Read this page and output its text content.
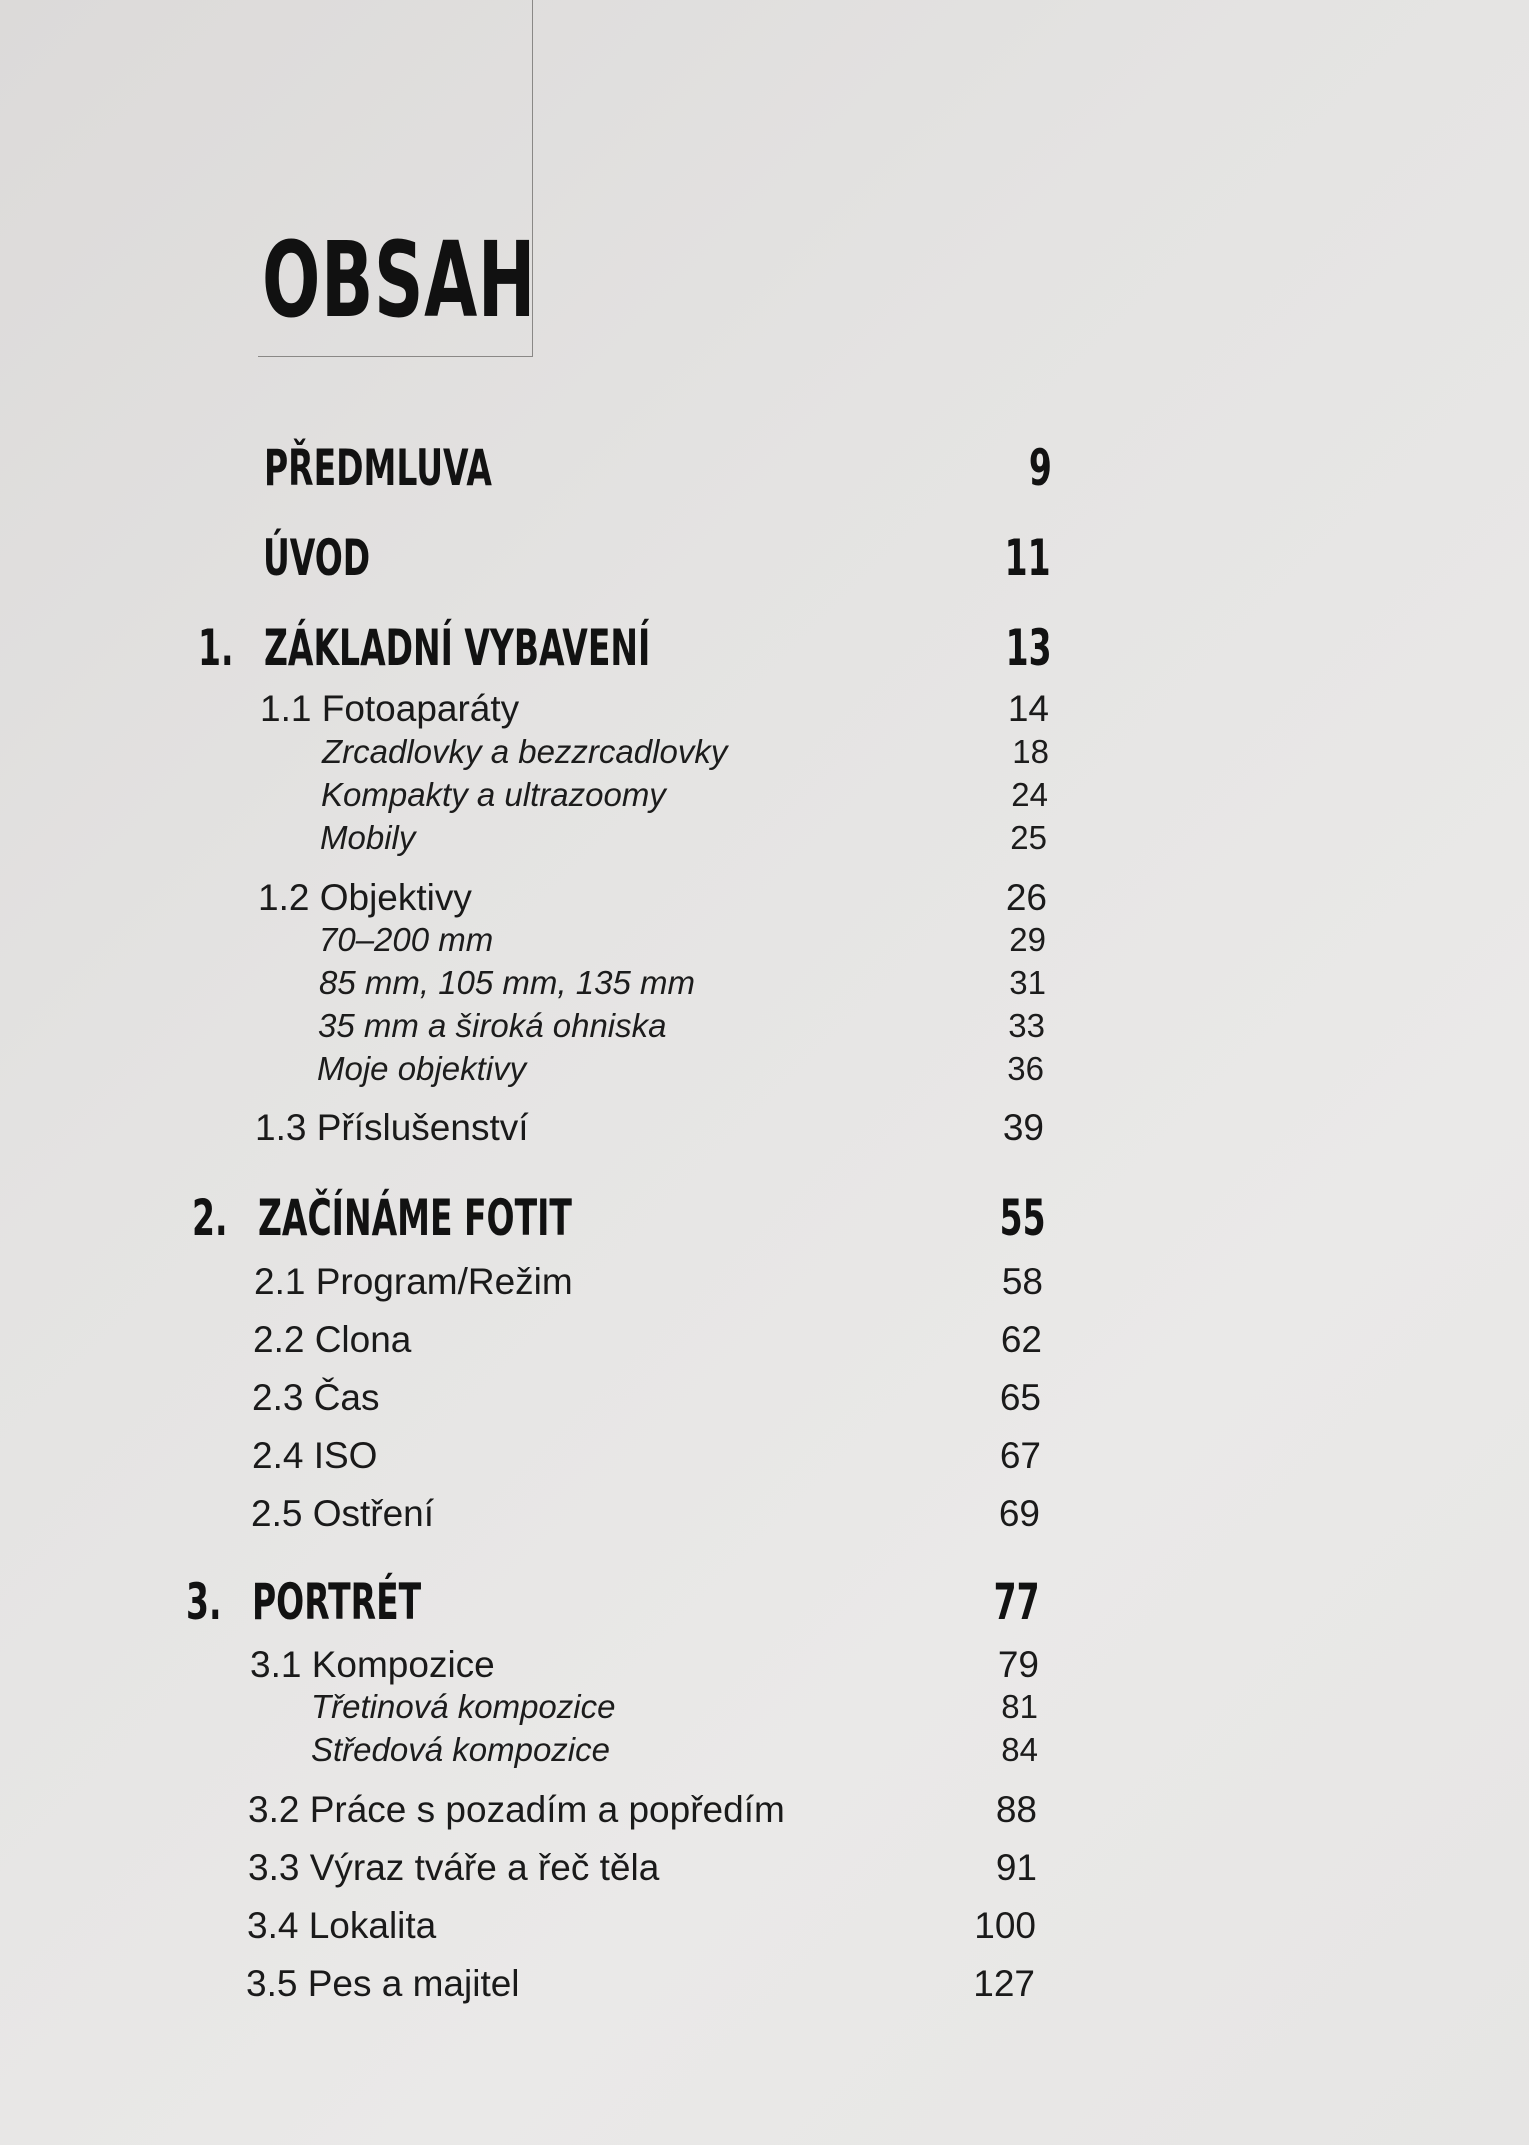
OBSAH
PŘEDMLUVA	9
ÚVOD	11
1. ZÁKLADNÍ VYBAVENÍ	13
1.1 Fotoaparáty	14
Zrcadlovky a bezzrcadlovky	18
Kompakty a ultrazoomy	24
Mobily	25
1.2 Objektivy	26
70–200 mm	29
85 mm, 105 mm, 135 mm	31
35 mm a široká ohniska	33
Moje objektivy	36
1.3 Příslušenství	39
2. ZAČÍNÁME FOTIT	55
2.1 Program/Režim	58
2.2 Clona	62
2.3 Čas	65
2.4 ISO	67
2.5 Ostření	69
3. PORTRÉT	77
3.1 Kompozice	79
Třetinová kompozice	81
Středová kompozice	84
3.2 Práce s pozadím a popředím	88
3.3 Výraz tváře a řeč těla	91
3.4 Lokalita	100
3.5 Pes a majitel	127
